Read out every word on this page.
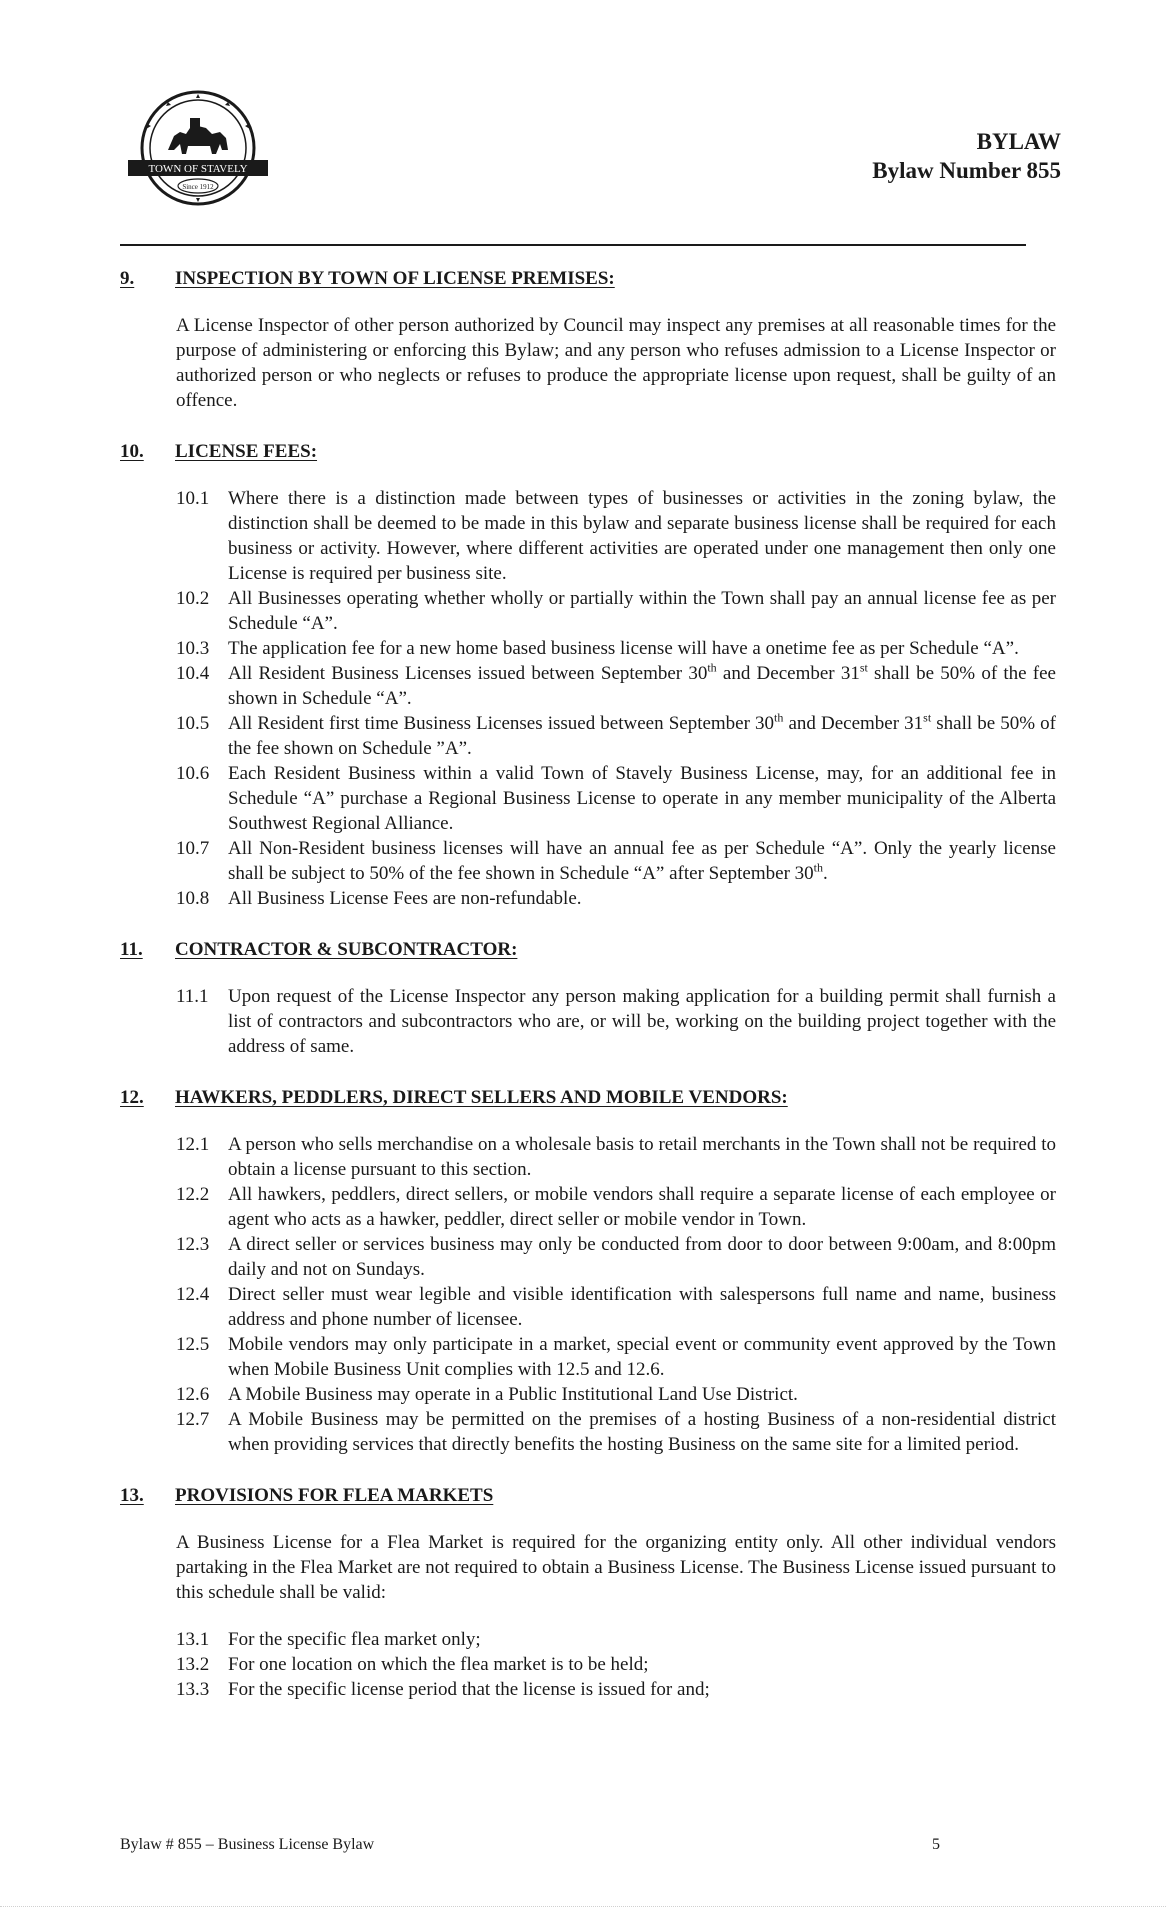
TOWN OF STAVELY
Since 1912
BYLAW
Bylaw Number 855
9.	INSPECTION BY TOWN OF LICENSE PREMISES:

A License Inspector of other person authorized by Council may inspect any premises at all reasonable times for the purpose of administering or enforcing this Bylaw; and any person who refuses admission to a License Inspector or authorized person or who neglects or refuses to produce the appropriate license upon request, shall be guilty of an offence.

10.	LICENSE FEES:
10.1 Where there is a distinction made between types of businesses or activities in the zoning bylaw, the distinction shall be deemed to be made in this bylaw and separate business license shall be required for each business or activity. However, where different activities are operated under one management then only one License is required per business site.
10.2 All Businesses operating whether wholly or partially within the Town shall pay an annual license fee as per Schedule “A”.
10.3 The application fee for a new home based business license will have a onetime fee as per Schedule “A”.
10.4 All Resident Business Licenses issued between September 30th and December 31st shall be 50% of the fee shown in Schedule “A”.
10.5 All Resident first time Business Licenses issued between September 30th and December 31st shall be 50% of the fee shown on Schedule ”A”.
10.6 Each Resident Business within a valid Town of Stavely Business License, may, for an additional fee in Schedule “A” purchase a Regional Business License to operate in any member municipality of the Alberta Southwest Regional Alliance.
10.7 All Non-Resident business licenses will have an annual fee as per Schedule “A”. Only the yearly license shall be subject to 50% of the fee shown in Schedule “A” after September 30th.
10.8 All Business License Fees are non-refundable.
11.	CONTRACTOR & SUBCONTRACTOR:
11.1	Upon request of the License Inspector any person making application for a building permit shall furnish a list of contractors and subcontractors who are, or will be, working on the building project together with the address of same.
12.	HAWKERS, PEDDLERS, DIRECT SELLERS AND MOBILE VENDORS:
12.1 A person who sells merchandise on a wholesale basis to retail merchants in the Town shall not be required to obtain a license pursuant to this section.
12.2 All hawkers, peddlers, direct sellers, or mobile vendors shall require a separate license of each employee or agent who acts as a hawker, peddler, direct seller or mobile vendor in Town.
12.3 A direct seller or services business may only be conducted from door to door between 9:00am, and 8:00pm daily and not on Sundays.
12.4 Direct seller must wear legible and visible identification with salespersons full name and name, business address and phone number of licensee.
12.5 Mobile vendors may only participate in a market, special event or community event approved by the Town when Mobile Business Unit complies with 12.5 and 12.6.
12.6 A Mobile Business may operate in a Public Institutional Land Use District.
12.7 A Mobile Business may be permitted on the premises of a hosting Business of a non-residential district when providing services that directly benefits the hosting Business on the same site for a limited period.
13.	PROVISIONS FOR FLEA MARKETS

A Business License for a Flea Market is required for the organizing entity only. All other individual vendors partaking in the Flea Market are not required to obtain a Business License. The Business License issued pursuant to this schedule shall be valid:

13.1 For the specific flea market only;
13.2 For one location on which the flea market is to be held;
13.3 For the specific license period that the license is issued for and;
Bylaw # 855 – Business License Bylaw	5
